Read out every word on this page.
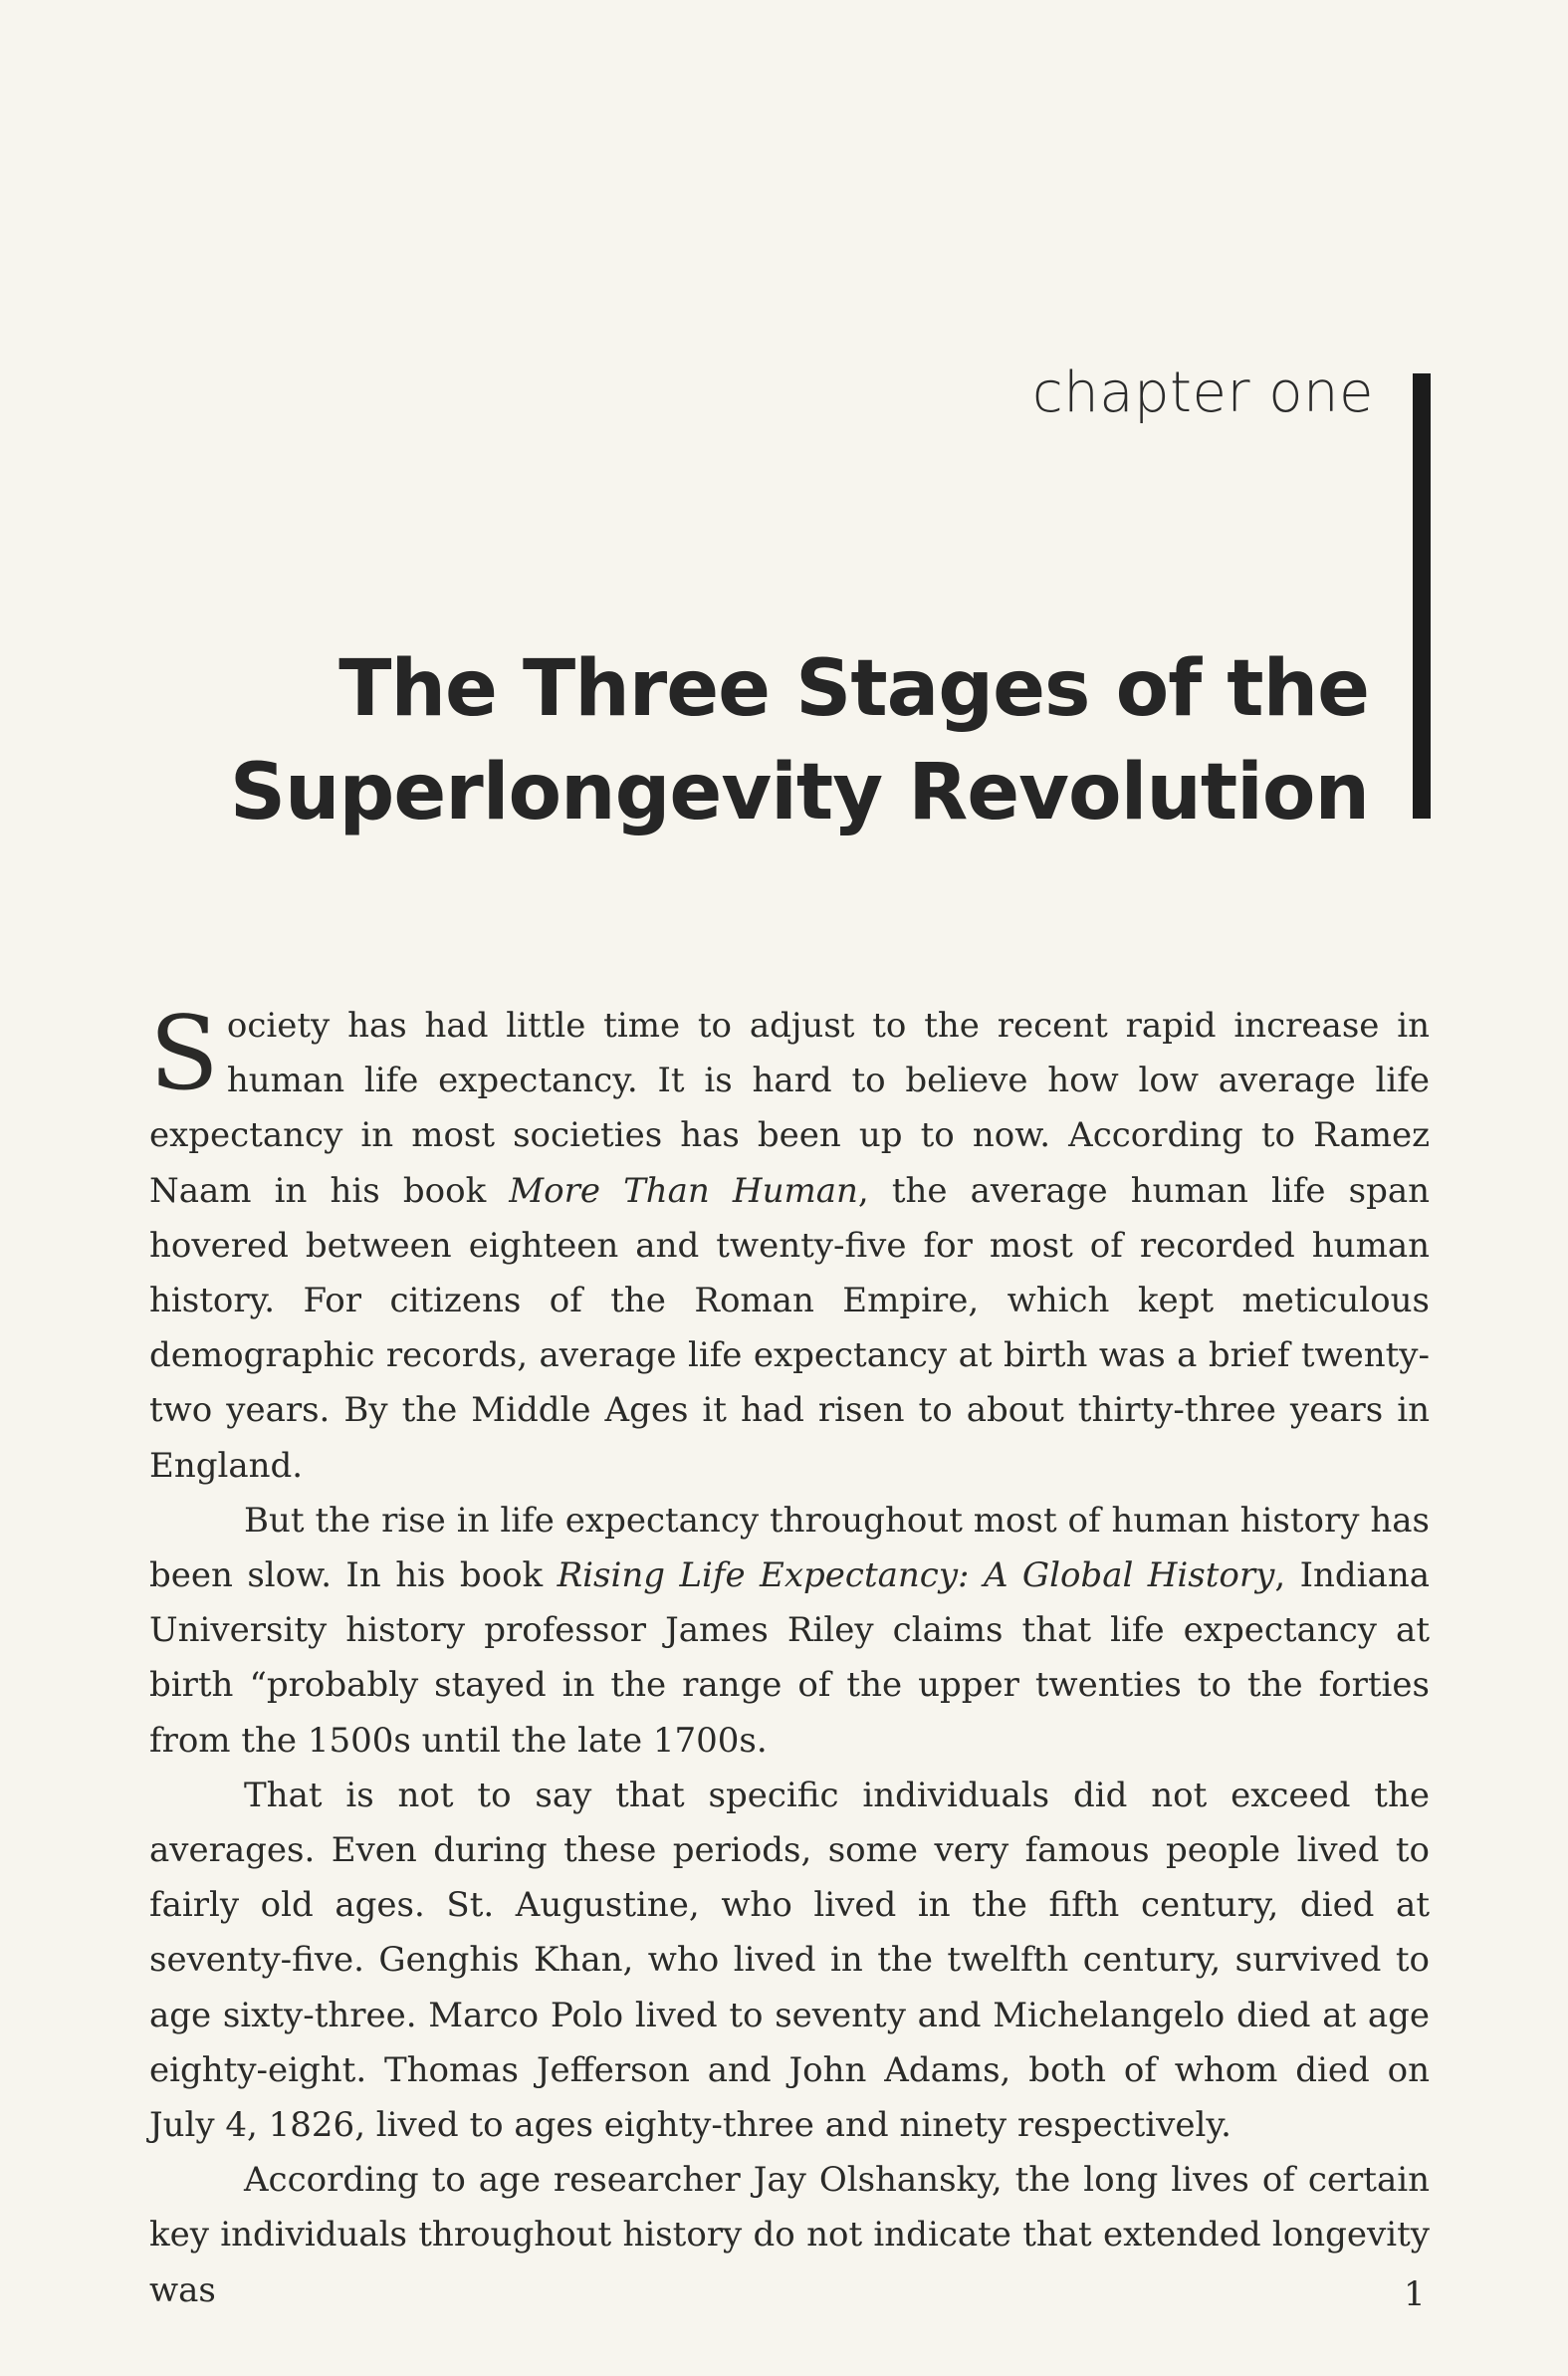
chapter one
The Three Stages of the
Superlongevity Revolution

Society has had little time to adjust to the recent rapid increase in human life expectancy. It is hard to believe how low average life expectancy in most societies has been up to now. According to Ramez Naam in his book More Than Human, the average human life span hovered between eighteen and twenty-five for most of recorded human history. For citizens of the Roman Empire, which kept meticulous demographic records, average life expectancy at birth was a brief twenty-two years. By the Middle Ages it had risen to about thirty-three years in England.

But the rise in life expectancy throughout most of human history has been slow. In his book Rising Life Expectancy: A Global History, Indiana University history professor James Riley claims that life expectancy at birth “probably stayed in the range of the upper twenties to the forties from the 1500s until the late 1700s.

That is not to say that specific individuals did not exceed the averages. Even during these periods, some very famous people lived to fairly old ages. St. Augustine, who lived in the fifth century, died at seventy-five. Genghis Khan, who lived in the twelfth century, survived to age sixty-three. Marco Polo lived to seventy and Michelangelo died at age eighty-eight. Thomas Jefferson and John Adams, both of whom died on July 4, 1826, lived to ages eighty-three and ninety respectively.

According to age researcher Jay Olshansky, the long lives of certain key individuals throughout history do not indicate that extended longevity was	1
